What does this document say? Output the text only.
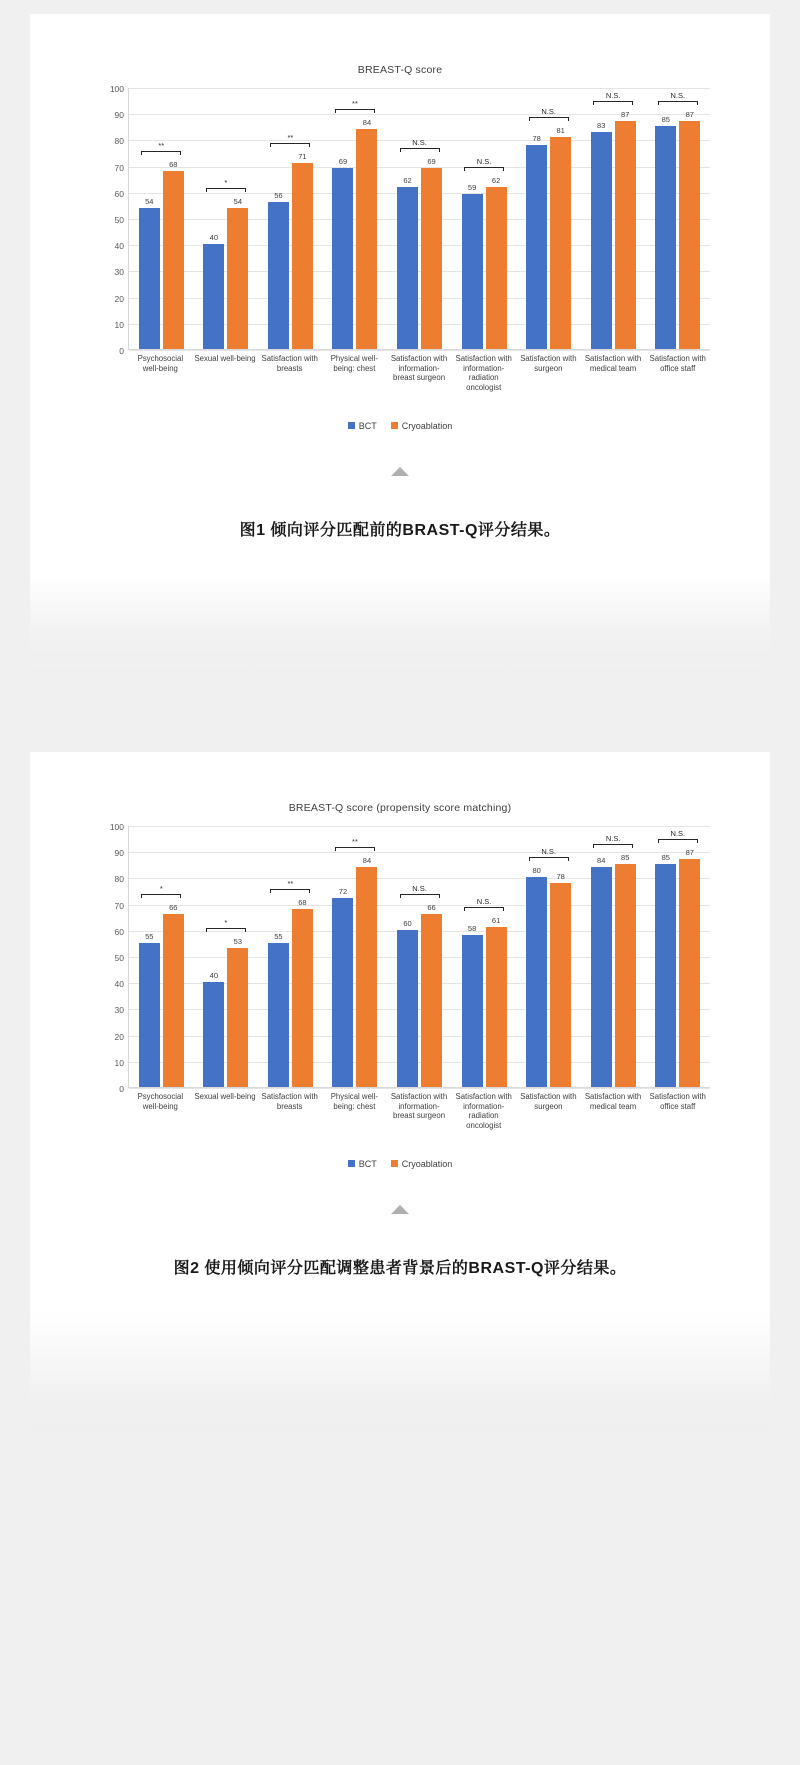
BREAST-Q score
0
10
20
30
40
50
60
70
80
90
100
54
68
**
40
54
*
56
71
**
69
84
**
62
69
N.S.
59
62
N.S.
78
81
N.S.
83
87
N.S.
85
87
N.S.
Psychosocial well-being
Sexual well-being Satisfaction with breasts
Physical well-being: chest
Satisfaction with information-breast surgeon
Satisfaction with information-radiation oncologist
Satisfaction with surgeon
Satisfaction with medical team
Satisfaction with office staff
BCT	Cryoablation
图1 倾向评分匹配前的BRAST-Q评分结果。
BREAST-Q score (propensity score matching)
0
10
20
30
40
50
60
70
80
90
100
55
66
*
40
53
*
55
68
**
72
84
**
60
66
N.S.
58
61
N.S.
80
78
N.S.
84 85
N.S.
85
87
N.S.
Psychosocial well-being
Sexual well-being Satisfaction with breasts
Physical well-being: chest
Satisfaction with information-breast surgeon
Satisfaction with information-radiation oncologist
Satisfaction with surgeon
Satisfaction with medical team
Satisfaction with office staff
BCT	Cryoablation
图2 使用倾向评分匹配调整患者背景后的BRAST-Q评分结果。
